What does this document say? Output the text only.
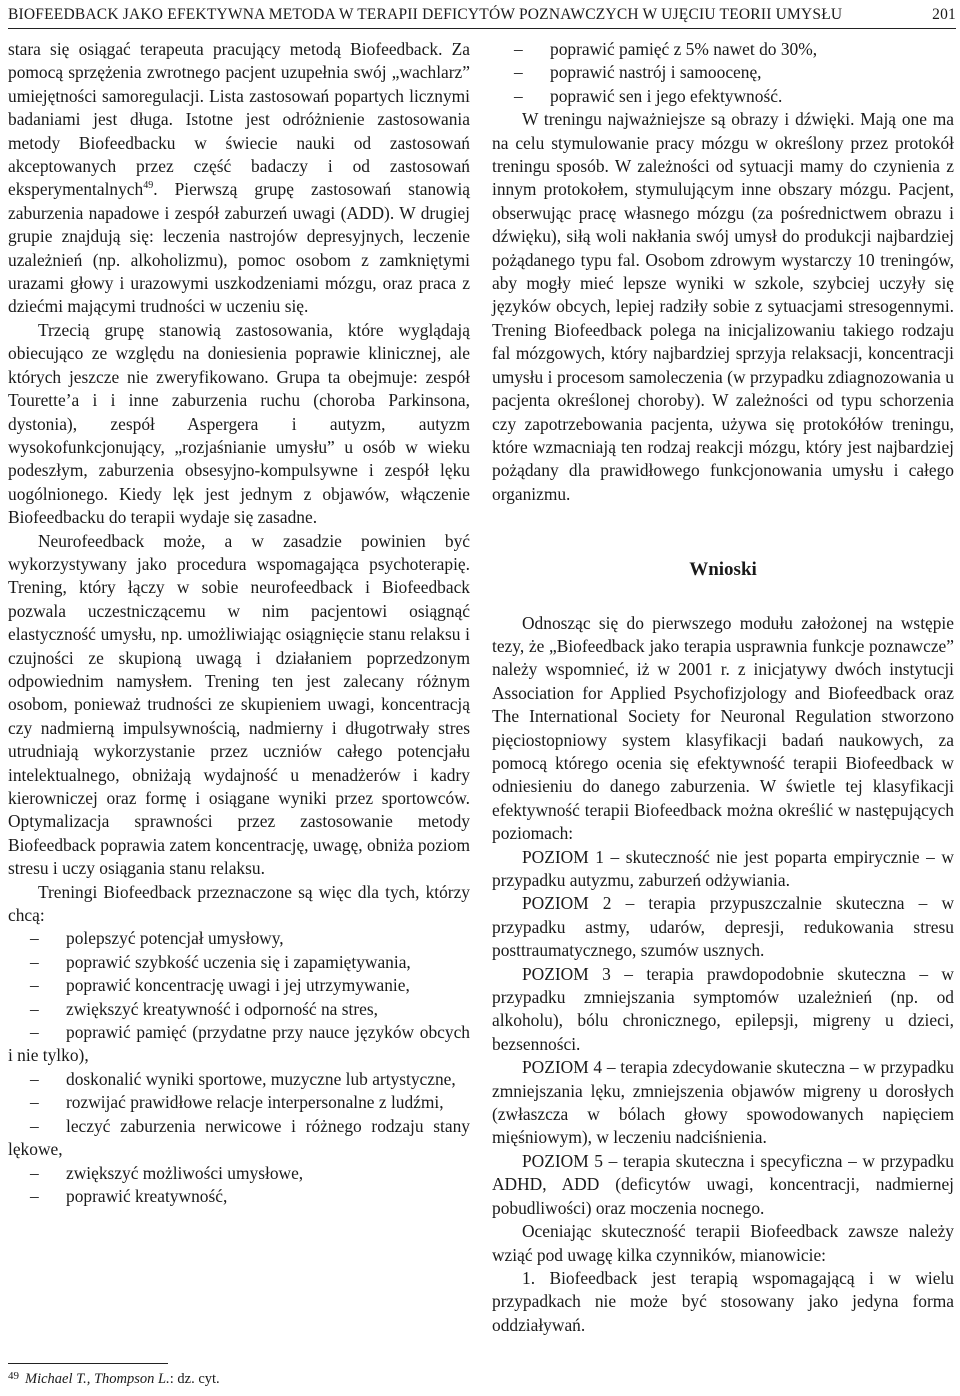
BIOFEEDBACK JAKO EFEKTYWNA METODA W TERAPII DEFICYTÓW POZNAWCZYCH W UJĘCIU TEORII UMYSŁU	201

stara się osiągać terapeuta pracujący metodą Biofeedback. Za pomocą sprzężenia zwrotnego pacjent uzupełnia swój „wachlarz” umiejętności samoregulacji. Lista zastosowań popartych licznymi badaniami jest długa. Istotne jest odróżnienie zastosowania metody Biofeedbacku w świecie nauki od zastosowań akceptowanych przez część badaczy i od zastosowań eksperymentalnych$^{49}$. Pierwszą grupę zastosowań stanowią zaburzenia napadowe i zespół zaburzeń uwagi (ADD). W drugiej grupie znajdują się: leczenia nastrojów depresyjnych, leczenie uzależnień (np. alkoholizmu), pomoc osobom z zamkniętymi urazami głowy i urazowymi uszkodzeniami mózgu, oraz praca z dziećmi mającymi trudności w uczeniu się.

Trzecią grupę stanowią zastosowania, które wyglądają obiecująco ze względu na doniesienia poprawie klinicznej, ale których jeszcze nie zweryfikowano. Grupa ta obejmuje: zespół Tourette’a i i inne zaburzenia ruchu (choroba Parkinsona, dystonia), zespół Aspergera i autyzm, autyzm wysokofunkcjonujący, „rozjaśnianie umysłu” u osób w wieku podeszłym, zaburzenia obsesyjno-kompulsywne i zespół lęku uogólnionego. Kiedy lęk jest jednym z objawów, włączenie Biofeedbacku do terapii wydaje się zasadne.

Neurofeedback może, a w zasadzie powinien być wykorzystywany jako procedura wspomagająca psychoterapię. Trening, który łączy w sobie neurofeedback i Biofeedback pozwala uczestniczącemu w nim pacjentowi osiągnąć elastyczność umysłu, np. umożliwiając osiągnięcie stanu relaksu i czujności ze skupioną uwagą i działaniem poprzedzonym odpowiednim namysłem. Trening ten jest zalecany różnym osobom, ponieważ trudności ze skupieniem uwagi, koncentracją czy nadmierną impulsywnością, nadmierny i długotrwały stres utrudniają wykorzystanie przez uczniów całego potencjału intelektualnego, obniżają wydajność u menadżerów i kadry kierowniczej oraz formę i osiągane wyniki przez sportowców. Optymalizacja sprawności przez zastosowanie metody Biofeedback poprawia zatem koncentrację, uwagę, obniża poziom stresu i uczy osiągania stanu relaksu.

Treningi Biofeedback przeznaczone są więc dla tych, którzy chcą:

– polepszyć potencjał umysłowy,
– poprawić szybkość uczenia się i zapamiętywania,
– poprawić koncentrację uwagi i jej utrzymywanie,
– zwiększyć kreatywność i odporność na stres,
– poprawić pamięć (przydatne przy nauce języków obcych i nie tylko),
– doskonalić wyniki sportowe, muzyczne lub artystyczne,
– rozwijać prawidłowe relacje interpersonalne z ludźmi,
– leczyć zaburzenia nerwicowe i różnego rodzaju stany lękowe,
– zwiększyć możliwości umysłowe,
– poprawić kreatywność,
– poprawić pamięć z 5% nawet do 30%,
– poprawić nastrój i samoocenę,
– poprawić sen i jego efektywność.

W treningu najważniejsze są obrazy i dźwięki. Mają one ma na celu stymulowanie pracy mózgu w określony przez protokół treningu sposób. W zależności od sytuacji mamy do czynienia z innym protokołem, stymulującym inne obszary mózgu. Pacjent, obserwując pracę własnego mózgu (za pośrednictwem obrazu i dźwięku), siłą woli nakłania swój umysł do produkcji najbardziej pożądanego typu fal. Osobom zdrowym wystarczy 10 treningów, aby mogły mieć lepsze wyniki w szkole, szybciej uczyły się języków obcych, lepiej radziły sobie z sytuacjami stresogennymi. Trening Biofeedback polega na inicjalizowaniu takiego rodzaju fal mózgowych, który najbardziej sprzyja relaksacji, koncentracji umysłu i procesom samoleczenia (w przypadku zdiagnozowania u pacjenta określonej choroby). W zależności od typu schorzenia czy zapotrzebowania pacjenta, używa się protokółów treningu, które wzmacniają ten rodzaj reakcji mózgu, który jest najbardziej pożądany dla prawidłowego funkcjonowania umysłu i całego organizmu.

Wnioski

Odnosząc się do pierwszego modułu założonej na wstępie tezy, że „Biofeedback jako terapia usprawnia funkcje poznawcze” należy wspomnieć, iż w 2001 r. z inicjatywy dwóch instytucji Association for Applied Psychofizjology and Biofeedback oraz The International Society for Neuronal Regulation stworzono pięciostopniowy system klasyfikacji badań naukowych, za pomocą którego ocenia się efektywność terapii Biofeedback w odniesieniu do danego zaburzenia. W świetle tej klasyfikacji efektywność terapii Biofeedback można określić w następujących poziomach:

POZIOM 1 – skuteczność nie jest poparta empirycznie – w przypadku autyzmu, zaburzeń odżywiania.

POZIOM 2 – terapia przypuszczalnie skuteczna – w przypadku astmy, udarów, depresji, redukowania stresu posttraumatycznego, szumów usznych.

POZIOM 3 – terapia prawdopodobnie skuteczna – w przypadku zmniejszania symptomów uzależnień (np. od alkoholu), bólu chronicznego, epilepsji, migreny u dzieci, bezsenności.

POZIOM 4 – terapia zdecydowanie skuteczna – w przypadku zmniejszania lęku, zmniejszenia objawów migreny u dorosłych (zwłaszcza w bólach głowy spowodowanych napięciem mięśniowym), w leczeniu nadciśnienia.

POZIOM 5 – terapia skuteczna i specyficzna – w przypadku ADHD, ADD (deficytów uwagi, koncentracji, nadmiernej pobudliwości) oraz moczenia nocnego.

Oceniając skuteczność terapii Biofeedback zawsze należy wziąć pod uwagę kilka czynników, mianowicie:

1. Biofeedback jest terapią wspomagającą i w wielu przypadkach nie może być stosowany jako jedyna forma oddziaływań.

$^{49}$ Michael T., Thompson L.: dz. cyt.
